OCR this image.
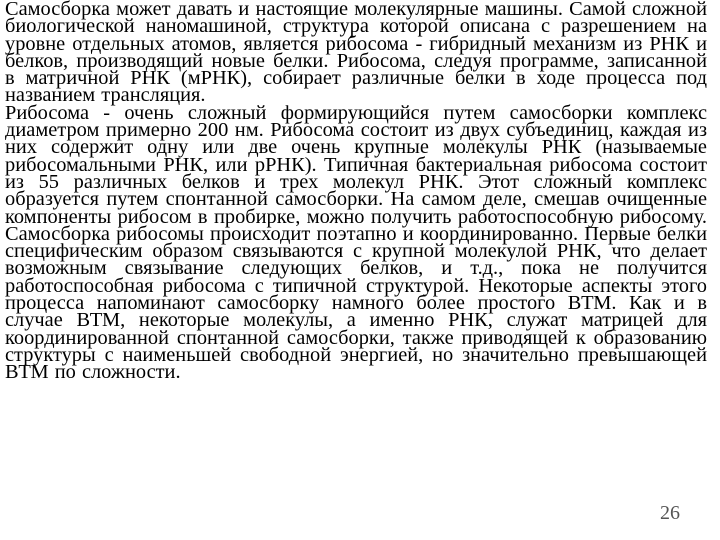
Самосборка может давать и настоящие молекулярные машины. Самой сложной биологической наномашиной, структура которой описана с разрешением на уровне отдельных атомов, является рибосома - гибридный механизм из РНК и белков, производящий новые белки. Рибосома, следуя программе, записанной в матричной РНК (мРНК), собирает различные белки в ходе процесса под названием трансляция.

Рибосома - очень сложный формирующийся путем самосборки комплекс диаметром примерно 200 нм. Рибосома состоит из двух субъединиц, каждая из них содержит одну или две очень крупные молекулы РНК (называемые рибосомальными РНК, или рРНК). Типичная бактериальная рибосома состоит из 55 различных белков и трех молекул РНК. Этот сложный комплекс образуется путем спонтанной самосборки. На самом деле, смешав очищенные компоненты рибосом в пробирке, можно получить работоспособную рибосому. Самосборка рибосомы происходит поэтапно и координированно. Первые белки специфическим образом связываются с крупной молекулой РНК, что делает возможным связывание следующих белков, и т.д., пока не получится работоспособная рибосома с типичной структурой. Некоторые аспекты этого процесса напоминают самосборку намного более простого ВТМ. Как и в случае ВТМ, некоторые молекулы, а именно РНК, служат матрицей для координированной спонтанной самосборки, также приводящей к образованию структуры с наименьшей свободной энергией, но значительно превышающей ВТМ по сложности.

26
